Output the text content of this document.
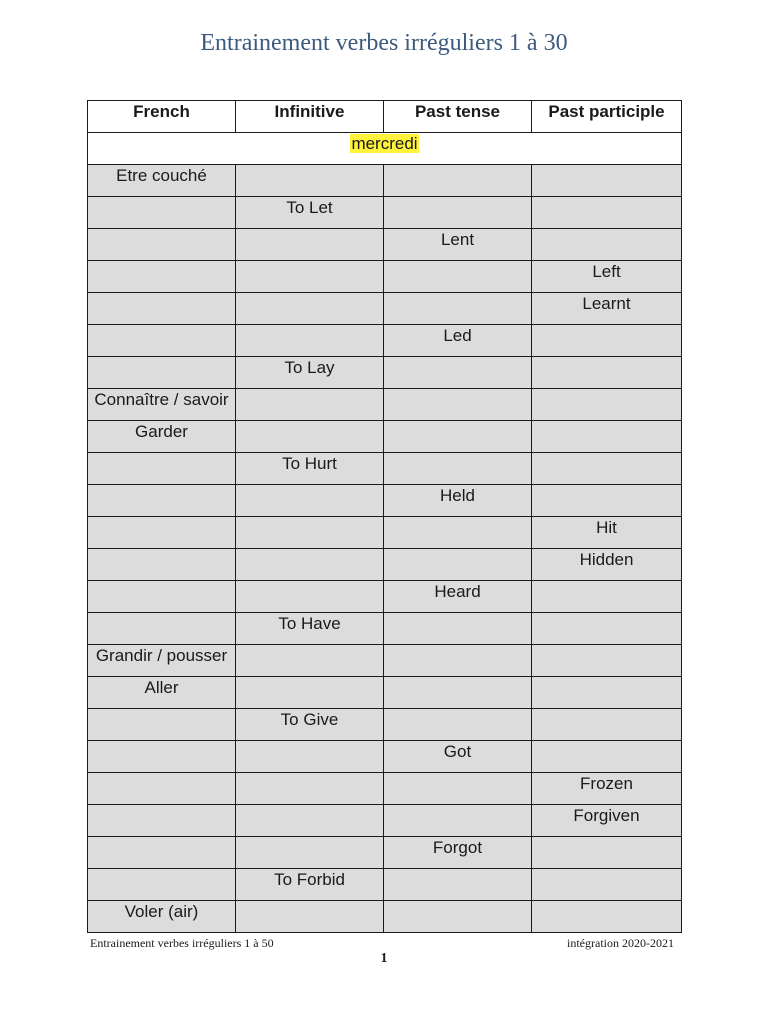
Entrainement verbes irréguliers 1 à 30
French	Infinitive	Past tense	Past participle
mercredi			
Etre couché			
	To Let		
		Lent	
			Left
			Learnt
		Led	
	To Lay		
Connaître / savoir			
Garder			
	To Hurt		
		Held	
			Hit
			Hidden
		Heard	
	To Have		
Grandir / pousser			
Aller			
	To Give		
		Got	
			Frozen
			Forgiven
		Forgot	
	To Forbid		
Voler (air)			
Entrainement verbes irréguliers 1 à 50	intégration 2020-2021
1
